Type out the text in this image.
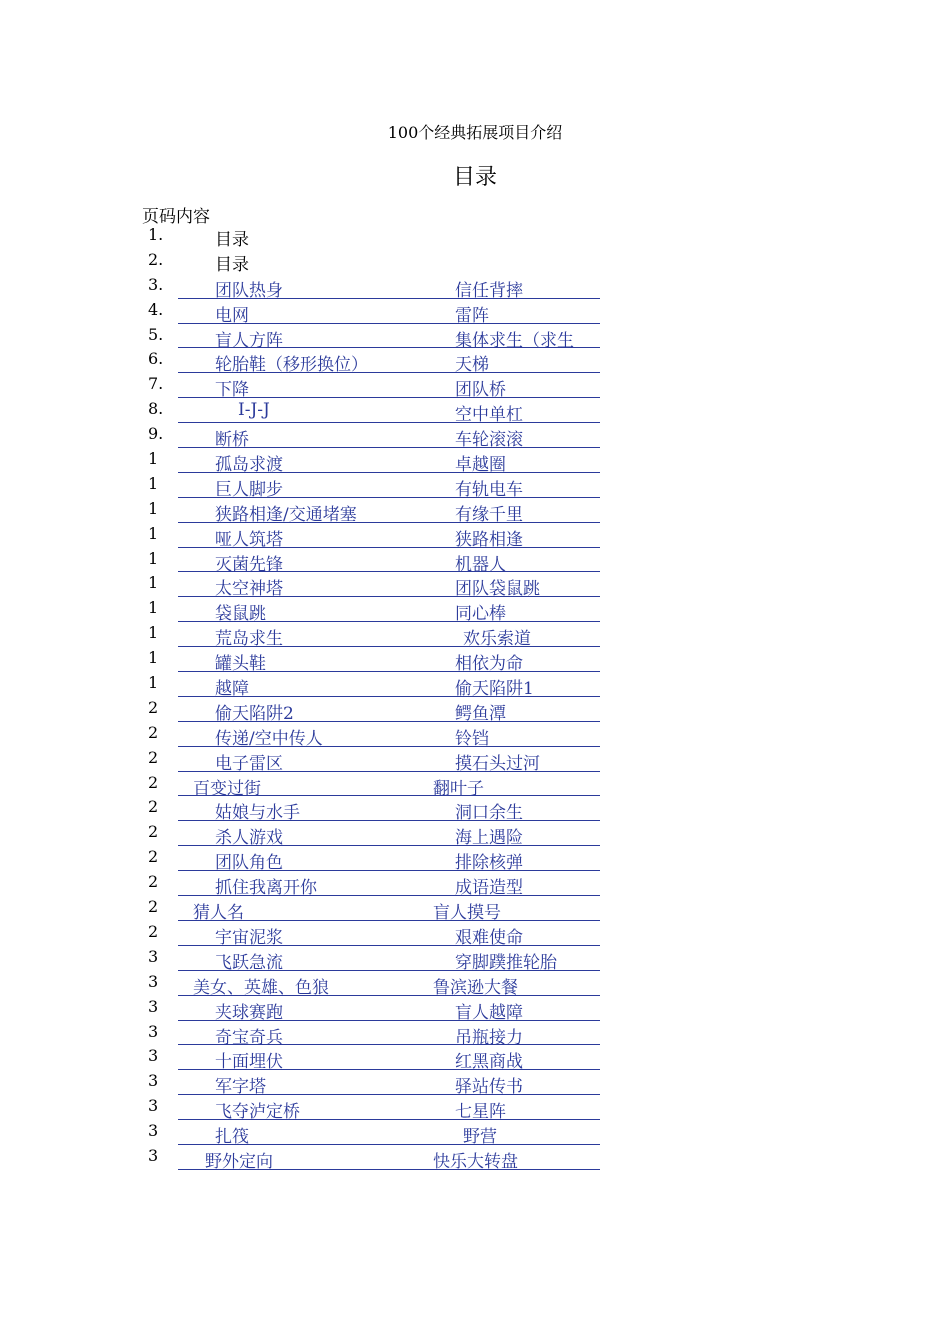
100个经典拓展项目介绍
目录
页码内容
1.	目录
2.	目录
3.	团队热身	信任背摔
4.	电网	雷阵
5.	盲人方阵	集体求生（求生
6.	轮胎鞋（移形换位）	天梯
7.	下降	团队桥
8.	I-J-J	空中单杠
9.	断桥	车轮滚滚
1	孤岛求渡	卓越圈
1	巨人脚步	有轨电车
1	狭路相逢/交通堵塞	有缘千里
1	哑人筑塔	狭路相逢
1	灭菌先锋	机器人
1	太空神塔	团队袋鼠跳
1	袋鼠跳	同心棒
1	荒岛求生	欢乐索道
1	罐头鞋	相依为命
1	越障	偷天陷阱1
2	偷天陷阱2	鳄鱼潭
2	传递/空中传人	铃铛
2	电子雷区	摸石头过河
2 百变过街	翻叶子
2	姑娘与水手	洞口余生
2	杀人游戏	海上遇险
2	团队角色	排除核弹
2	抓住我离开你	成语造型
2 猜人名	盲人摸号
2	宇宙泥浆	艰难使命
3	飞跃急流	穿脚蹼推轮胎
3 美女、英雄、色狼	鲁滨逊大餐
3	夹球赛跑	盲人越障
3	奇宝奇兵	吊瓶接力
3	十面埋伏	红黑商战
3	军字塔	驿站传书
3	飞夺泸定桥	七星阵
3	扎筏	野营
3	野外定向	快乐大转盘
